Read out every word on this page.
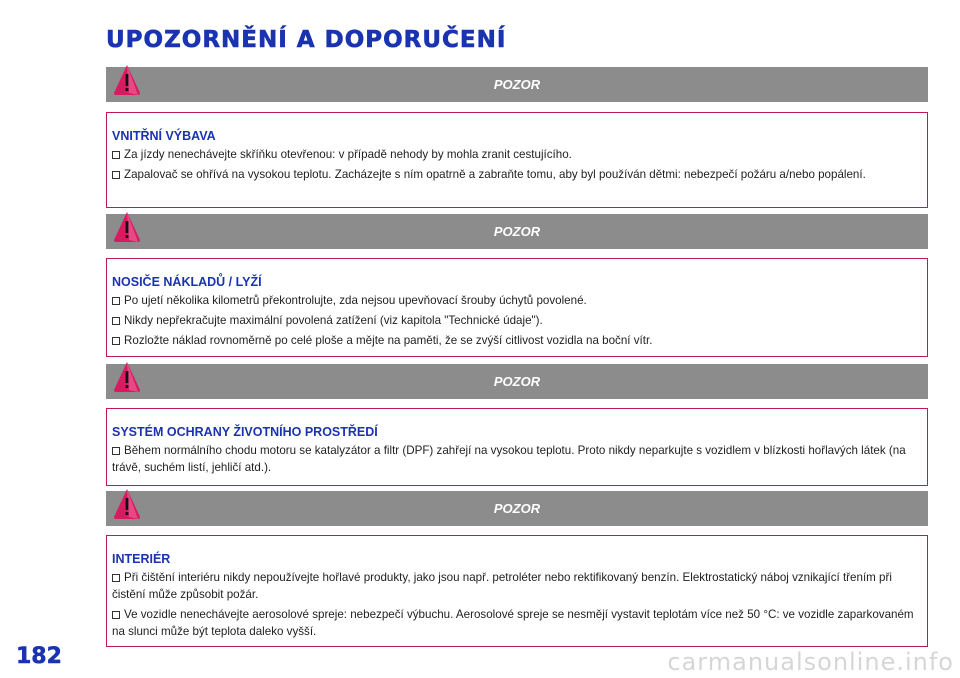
UPOZORNĚNÍ A DOPORUČENÍ
POZOR
VNITŘNÍ VÝBAVA

Za jízdy nenechávejte skříňku otevřenou: v případě nehody by mohla zranit cestujícího.

Zapalovač se ohřívá na vysokou teplotu. Zacházejte s ním opatrně a zabraňte tomu, aby byl používán dětmi: nebezpečí požáru a/nebo popálení.

POZOR
NOSIČE NÁKLADŮ / LYŽÍ

Po ujetí několika kilometrů překontrolujte, zda nejsou upevňovací šrouby úchytů povolené.

Nikdy nepřekračujte maximální povolená zatížení (viz kapitola "Technické údaje").

Rozložte náklad rovnoměrně po celé ploše a mějte na paměti, že se zvýší citlivost vozidla na boční vítr.

POZOR
SYSTÉM OCHRANY ŽIVOTNÍHO PROSTŘEDÍ

Během normálního chodu motoru se katalyzátor a filtr (DPF) zahřejí na vysokou teplotu. Proto nikdy neparkujte s vozidlem v blízkosti hořlavých látek (na trávě, suchém listí, jehličí atd.).

POZOR
INTERIÉR

Při čištění interiéru nikdy nepoužívejte hořlavé produkty, jako jsou např. petroléter nebo rektifikovaný benzín. Elektrostatický náboj vznikající třením při čistění může způsobit požár.

Ve vozidle nenechávejte aerosolové spreje: nebezpečí výbuchu. Aerosolové spreje se nesmějí vystavit teplotám více než 50 °C: ve vozidle zaparkovaném na slunci může být teplota daleko vyšší.

182	carmanualsonline.info
